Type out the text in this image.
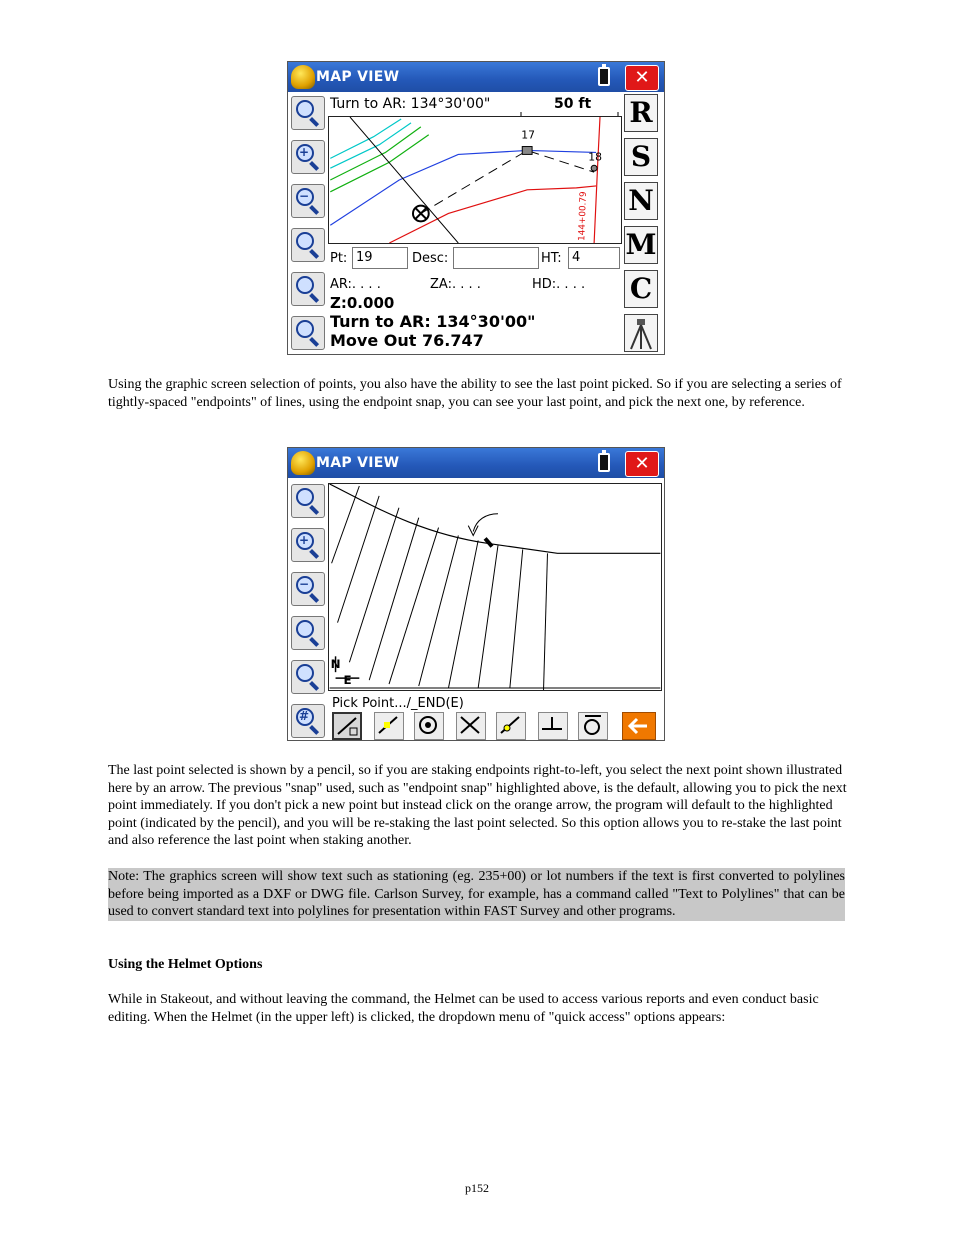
MAP VIEW	✕
+
−
R
S
N
M
C
Turn to AR: 134°30'00"	50 ft
17
18
144+00.79
Pt: 19	Desc:	HT: 4
AR:. . . .	ZA:. . . .	HD:. . . .
Z:0.000
Turn to AR: 134°30'00"
Move Out 76.747
Using the graphic screen selection of points, you also have the ability to see the last point picked. So if you are selecting a series of tightly-spaced "endpoints" of lines, using the endpoint snap, you can see your last point, and pick the next one, by reference.
MAP VIEW	✕
+
−
#
N
E
Pick Point.../_END(E)
The last point selected is shown by a pencil, so if you are staking endpoints right-to-left, you select the next point shown illustrated here by an arrow. The previous "snap" used, such as "endpoint snap" highlighted above, is the default, allowing you to pick the next point immediately. If you don't pick a new point but instead click on the orange arrow, the program will default to the highlighted point (indicated by the pencil), and you will be re-staking the last point selected. So this option allows you to re-stake the last point and also reference the last point when staking another.
Note: The graphics screen will show text such as stationing (eg. 235+00) or lot numbers if the text is first converted to polylines before being imported as a DXF or DWG file. Carlson Survey, for example, has a command called "Text to Polylines" that can be used to convert standard text into polylines for presentation within FAST Survey and other programs.
Using the Helmet Options
While in Stakeout, and without leaving the command, the Helmet can be used to access various reports and even conduct basic editing. When the Helmet (in the upper left) is clicked, the dropdown menu of "quick access" options appears:
p152
